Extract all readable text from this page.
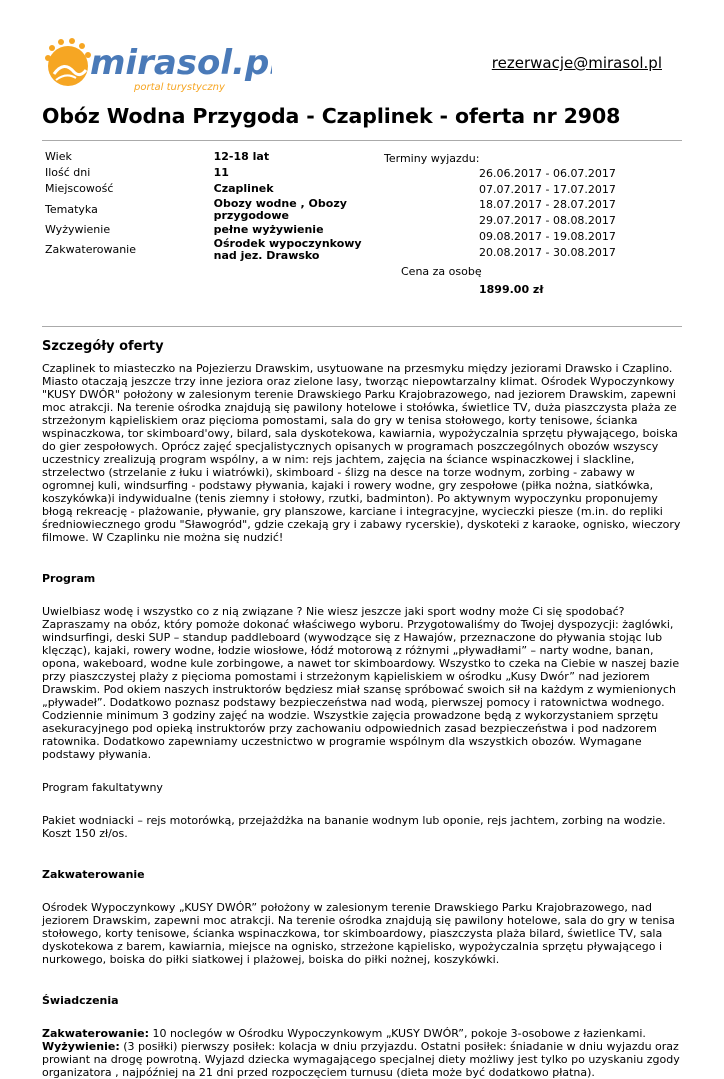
mirasol.pl
portal turystyczny
rezerwacje@mirasol.pl
Obóz Wodna Przygoda - Czaplinek - oferta nr 2908
Wiek	12-18 lat
Ilość dni	11
Miejscowość	Czaplinek
Tematyka	Obozy wodne , Obozy przygodowe
Wyżywienie	pełne wyżywienie
Zakwaterowanie	Ośrodek wypoczynkowy nad jez. Drawsko
Terminy wyjazdu:
26.06.2017 - 06.07.2017
07.07.2017 - 17.07.2017
18.07.2017 - 28.07.2017
29.07.2017 - 08.08.2017
09.08.2017 - 19.08.2017
20.08.2017 - 30.08.2017
Cena za osobę
1899.00 zł
Szczegóły oferty

Czaplinek to miasteczko na Pojezierzu Drawskim, usytuowane na przesmyku między jeziorami Drawsko i Czaplino. Miasto otaczają jeszcze trzy inne jeziora oraz zielone lasy, tworząc niepowtarzalny klimat. Ośrodek Wypoczynkowy "KUSY DWÓR" położony w zalesionym terenie Drawskiego Parku Krajobrazowego, nad jeziorem Drawskim, zapewni moc atrakcji. Na terenie ośrodka znajdują się pawilony hotelowe i stołówka, świetlice TV, duża piaszczysta plaża ze strzeżonym kąpieliskiem oraz pięciomа pomostami, sala do gry w tenisa stołowego, korty tenisowe, ścianka wspinaczkowa, tor skimboard'owy, bilard, sala dyskotekowa, kawiarnia, wypożyczalnia sprzętu pływającego, boiska do gier zespołowych. Oprócz zajęć specjalistycznych opisanych w programach poszczególnych obozów wszyscy uczestnicy zrealizują program wspólny, a w nim: rejs jachtem, zajęcia na ściance wspinaczkowej i slackline, strzelectwo (strzelanie z łuku i wiatrówki), skimboard - ślizg na desce na torze wodnym, zorbing - zabawy w ogromnej kuli, windsurfing - podstawy pływania, kajaki i rowery wodne, gry zespołowe (piłka nożna, siatkówka, koszykówka)i indywidualne (tenis ziemny i stołowy, rzutki, badminton). Po aktywnym wypoczynku proponujemy błogą rekreację - plażowanie, pływanie, gry planszowe, karciane i integracyjne, wycieczki piesze (m.in. do repliki średniowiecznego grodu "Sławogród", gdzie czekają gry i zabawy rycerskie), dyskoteki z karaoke, ognisko, wieczory filmowe. W Czaplinku nie można się nudzić!

Program

Uwielbiasz wodę i wszystko co z nią związane ? Nie wiesz jeszcze jaki sport wodny może Ci się spodobać? Zapraszamy na obóz, który pomoże dokonać właściwego wyboru. Przygotowaliśmy do Twojej dyspozycji: żaglówki, windsurfingi, deski SUP – standup paddleboard (wywodzące się z Hawajów, przeznaczone do pływania stojąc lub klęcząc), kajaki, rowery wodne, łodzie wiosłowe, łódź motorową z różnymi „pływadłami” – narty wodne, banan, opona, wakeboard, wodne kule zorbingowe, a nawet tor skimboardowy. Wszystko to czeka na Ciebie w naszej bazie przy piaszczystej plaży z pięcioma pomostami i strzeżonym kąpieliskiem w ośrodku „Kusy Dwór” nad jeziorem Drawskim. Pod okiem naszych instruktorów będziesz miał szansę spróbować swoich sił na każdym z wymienionych „pływadeł”. Dodatkowo poznasz podstawy bezpieczeństwa nad wodą, pierwszej pomocy i ratownictwa wodnego. Codziennie minimum 3 godziny zajęć na wodzie. Wszystkie zajęcia prowadzone będą z wykorzystaniem sprzętu asekuracyjnego pod opieką instruktorów przy zachowaniu odpowiednich zasad bezpieczeństwa i pod nadzorem ratownika. Dodatkowo zapewniamy uczestnictwo w programie wspólnym dla wszystkich obozów. Wymagane podstawy pływania.

Program fakultatywny

Pakiet wodniacki – rejs motorówką, przejażdżka na bananie wodnym lub oponie, rejs jachtem, zorbing na wodzie. Koszt 150 zł/os.

Zakwaterowanie

Ośrodek Wypoczynkowy „KUSY DWÓR” położony w zalesionym terenie Drawskiego Parku Krajobrazowego, nad jeziorem Drawskim, zapewni moc atrakcji. Na terenie ośrodka znajdują się pawilony hotelowe, sala do gry w tenisa stołowego, korty tenisowe, ścianka wspinaczkowa, tor skimboardowy, piaszczysta plaża bilard, świetlice TV, sala dyskotekowa z barem, kawiarnia, miejsce na ognisko, strzeżone kąpielisko, wypożyczalnia sprzętu pływającego i nurkowego, boiska do piłki siatkowej i plażowej, boiska do piłki nożnej, koszykówki.

Świadczenia

Zakwaterowanie: 10 noclegów w Ośrodku Wypoczynkowym „KUSY DWÓR”, pokoje 3-osobowe z łazienkami.

Wyżywienie: (3 posiłki) pierwszy posiłek: kolacja w dniu przyjazdu. Ostatni posiłek: śniadanie w dniu wyjazdu oraz prowiant na drogę powrotną. Wyjazd dziecka wymagającego specjalnej diety możliwy jest tylko po uzyskaniu zgody organizatora , najpóźniej na 21 dni przed rozpoczęciem turnusu (dieta może być dodatkowo płatna).
